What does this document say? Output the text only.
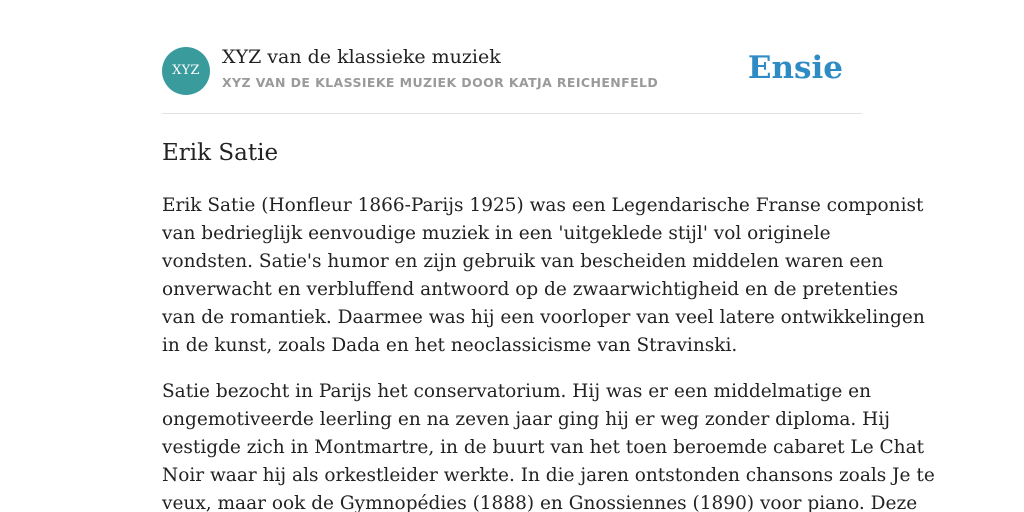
XYZ
XYZ van de klassieke muziek
XYZ VAN DE KLASSIEKE MUZIEK DOOR KATJA REICHENFELD	Ensie
Erik Satie

Erik Satie (Honfleur 1866-Parijs 1925) was een Legendarische Franse componist
van bedrieglijk eenvoudige muziek in een 'uitgeklede stijl' vol originele
vondsten. Satie's humor en zijn gebruik van bescheiden middelen waren een
onverwacht en verbluffend antwoord op de zwaarwichtigheid en de pretenties
van de romantiek. Daarmee was hij een voorloper van veel latere ontwikkelingen
in de kunst, zoals Dada en het neoclassicisme van Stravinski.

Satie bezocht in Parijs het conservatorium. Hij was er een middelmatige en
ongemotiveerde leerling en na zeven jaar ging hij er weg zonder diploma. Hij
vestigde zich in Montmartre, in de buurt van het toen beroemde cabaret Le Chat
Noir waar hij als orkestleider werkte. In die jaren ontstonden chansons zoals Je te
veux, maar ook de Gymnopédies (1888) en Gnossiennes (1890) voor piano. Deze
